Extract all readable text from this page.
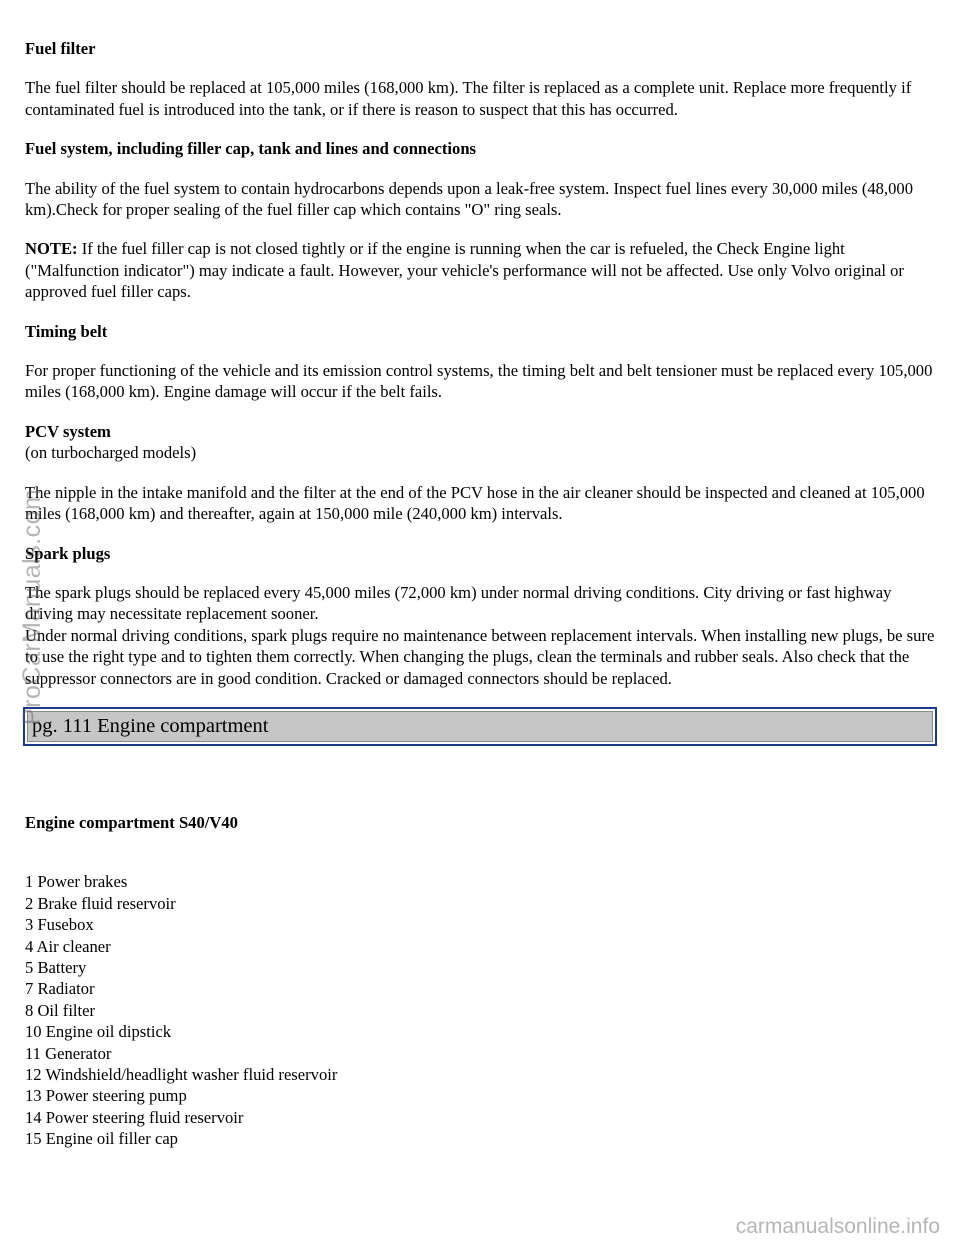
Fuel filter

The fuel filter should be replaced at 105,000 miles (168,000 km). The filter is replaced as a complete unit. Replace more frequently if contaminated fuel is introduced into the tank, or if there is reason to suspect that this has occurred.

Fuel system, including filler cap, tank and lines and connections

The ability of the fuel system to contain hydrocarbons depends upon a leak-free system. Inspect fuel lines every 30,000 miles (48,000 km).Check for proper sealing of the fuel filler cap which contains "O" ring seals.

NOTE: If the fuel filler cap is not closed tightly or if the engine is running when the car is refueled, the Check Engine light ("Malfunction indicator") may indicate a fault. However, your vehicle's performance will not be affected. Use only Volvo original or approved fuel filler caps.

Timing belt

For proper functioning of the vehicle and its emission control systems, the timing belt and belt tensioner must be replaced every 105,000 miles (168,000 km). Engine damage will occur if the belt fails.

PCV system
(on turbocharged models)

The nipple in the intake manifold and the filter at the end of the PCV hose in the air cleaner should be inspected and cleaned at 105,000 miles (168,000 km) and thereafter, again at 150,000 mile (240,000 km) intervals.

Spark plugs

The spark plugs should be replaced every 45,000 miles (72,000 km) under normal driving conditions. City driving or fast highway driving may necessitate replacement sooner.

Under normal driving conditions, spark plugs require no maintenance between replacement intervals. When installing new plugs, be sure to use the right type and to tighten them correctly. When changing the plugs, clean the terminals and rubber seals. Also check that the suppressor connectors are in good condition. Cracked or damaged connectors should be replaced.

pg. 111 Engine compartment
Engine compartment S40/V40
1 Power brakes
2 Brake fluid reservoir
3 Fusebox
4 Air cleaner
5 Battery
7 Radiator
8 Oil filter
10 Engine oil dipstick
11 Generator
12 Windshield/headlight washer fluid reservoir
13 Power steering pump
14 Power steering fluid reservoir
15 Engine oil filler cap
ProCarManuals.com
carmanualsonline.info
